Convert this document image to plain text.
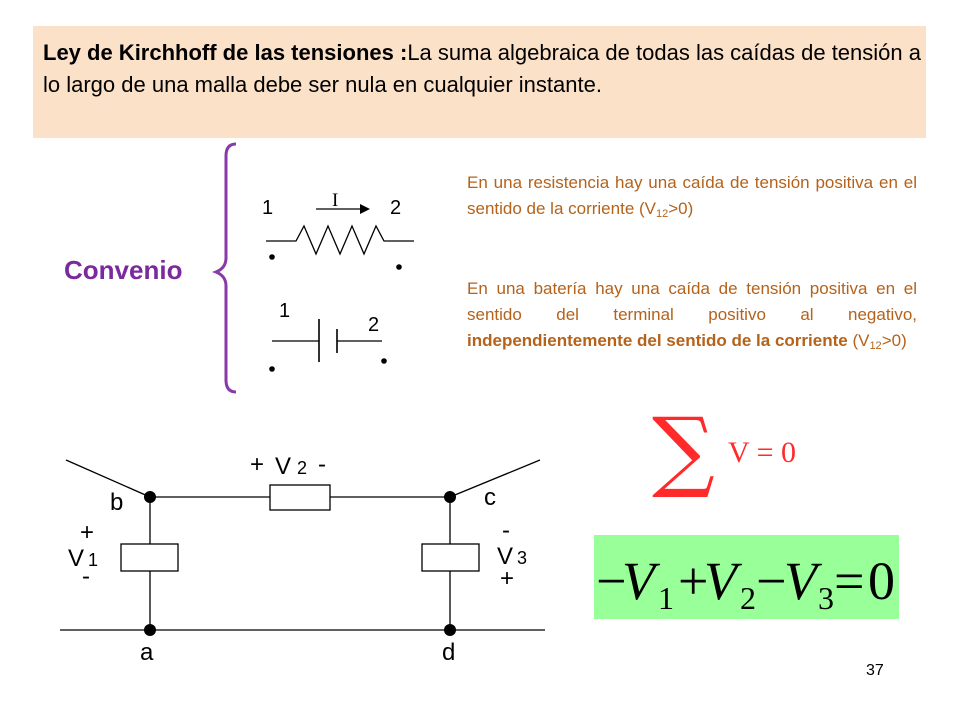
Ley de Kirchhoff de las tensiones :La suma algebraica de todas las caídas de tensión a lo largo de una malla debe ser nula en cualquier instante.
Convenio
1	2
I
1
2
En una resistencia hay una caída de tensión positiva en el sentido de la corriente $(V_{12}>0)$
En una batería hay una caída de tensión positiva en el sentido del terminal positivo al negativo, independientemente del sentido de la corriente $(V_{12}>0)$
∑ V = 0
b	c
a	d
+ V 2 -
+
V 1
-
-
V 3
+ −
V 1 +
V 2 −
V 3 = 0
37
